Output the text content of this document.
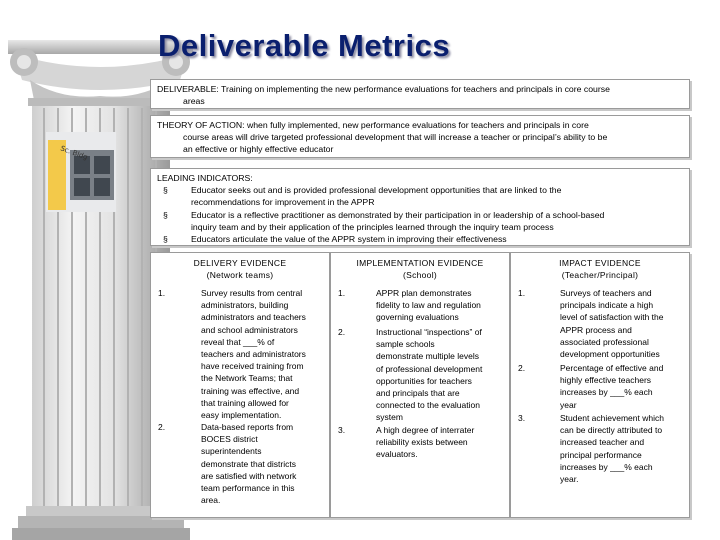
Sc. Bldg
Deliverable Metrics
DELIVERABLE: Training on implementing the new performance evaluations for teachers and principals in core course
areas
THEORY OF ACTION: when fully implemented, new performance evaluations for teachers and principals in core
course areas will drive targeted professional development that will increase a teacher or principal’s ability to be
an effective or highly effective educator
LEADING INDICATORS:
§	Educator seeks out and is provided professional development opportunities that are linked to the
recommendations for improvement in the APPR
§	Educator is a reflective practitioner as demonstrated by their participation in or leadership of a school-based
inquiry team and by their application of the principles learned through the inquiry team process
§	Educators articulate the value of the APPR system in improving their effectiveness
DELIVERY EVIDENCE
(Network teams)
1.	Survey results from central
administrators, building
administrators and teachers
and school administrators
reveal that ___% of
teachers and administrators
have received training from
the Network Teams; that
training was effective, and
that training allowed for
easy implementation.
2.	Data-based reports from
BOCES district
superintendents
demonstrate that districts
are satisfied with network
team performance in this
area.
IMPLEMENTATION EVIDENCE
(School)
1.	APPR plan demonstrates
fidelity to law and regulation
governing evaluations
2.	Instructional “inspections” of
sample schools
demonstrate multiple levels
of professional development
opportunities for teachers
and principals that are
connected to the evaluation
system
3.	A high degree of interrater
reliability exists between
evaluators.
IMPACT EVIDENCE
(Teacher/Principal)
1.	Surveys of teachers and
principals indicate a high
level of satisfaction with the
APPR process and
associated professional
development opportunities
2.	Percentage of effective and
highly effective teachers
increases by ___% each
year
3.	Student achievement which
can be directly attributed to
increased teacher and
principal performance
increases by ___% each
year.
